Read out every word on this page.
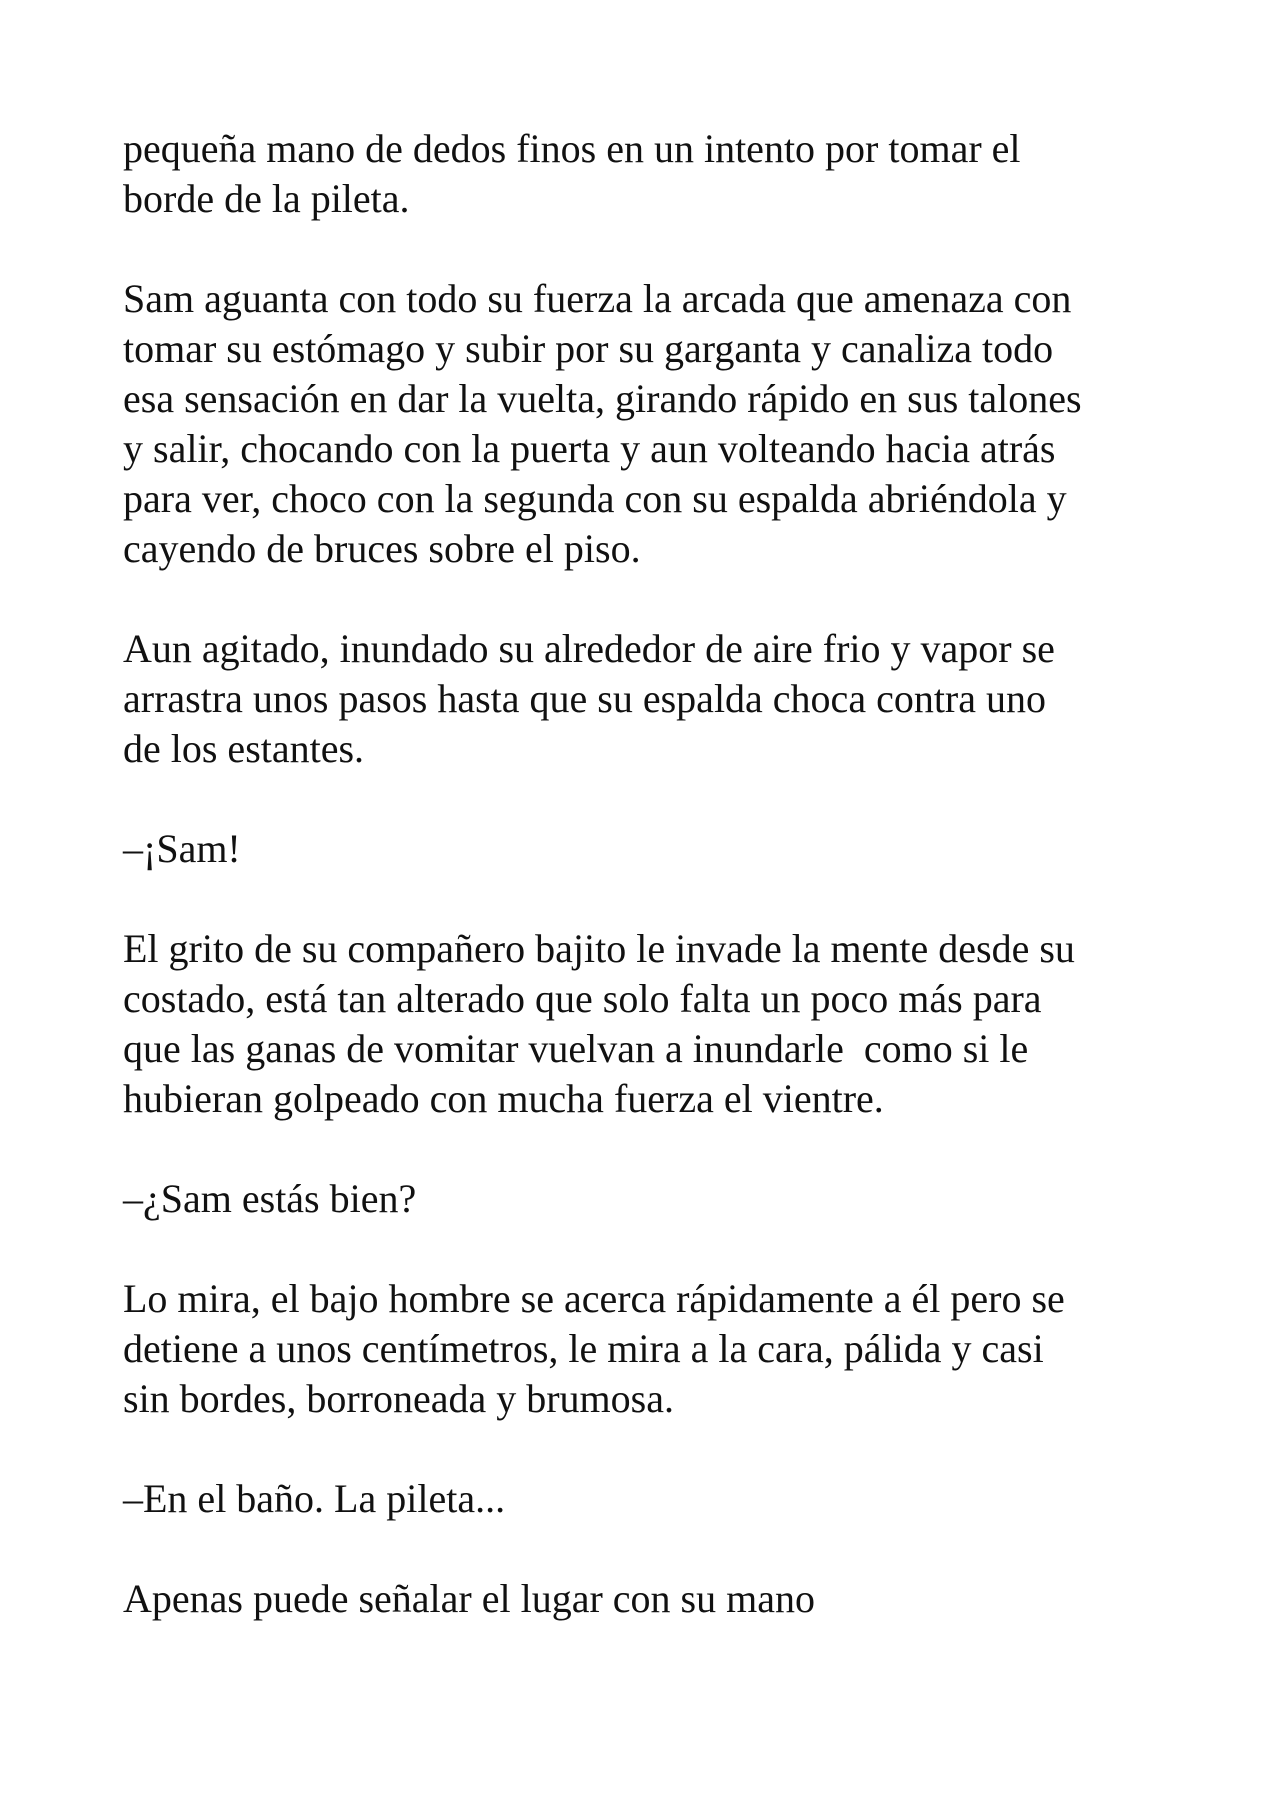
pequeña mano de dedos finos en un intento por tomar el
borde de la pileta.

Sam aguanta con todo su fuerza la arcada que amenaza con
tomar su estómago y subir por su garganta y canaliza todo
esa sensación en dar la vuelta, girando rápido en sus talones
y salir, chocando con la puerta y aun volteando hacia atrás
para ver, choco con la segunda con su espalda abriéndola y
cayendo de bruces sobre el piso.

Aun agitado, inundado su alrededor de aire frio y vapor se
arrastra unos pasos hasta que su espalda choca contra uno
de los estantes.

–¡Sam!

El grito de su compañero bajito le invade la mente desde su
costado, está tan alterado que solo falta un poco más para
que las ganas de vomitar vuelvan a inundarle  como si le
hubieran golpeado con mucha fuerza el vientre.

–¿Sam estás bien?

Lo mira, el bajo hombre se acerca rápidamente a él pero se
detiene a unos centímetros, le mira a la cara, pálida y casi
sin bordes, borroneada y brumosa.

–En el baño. La pileta...

Apenas puede señalar el lugar con su mano
